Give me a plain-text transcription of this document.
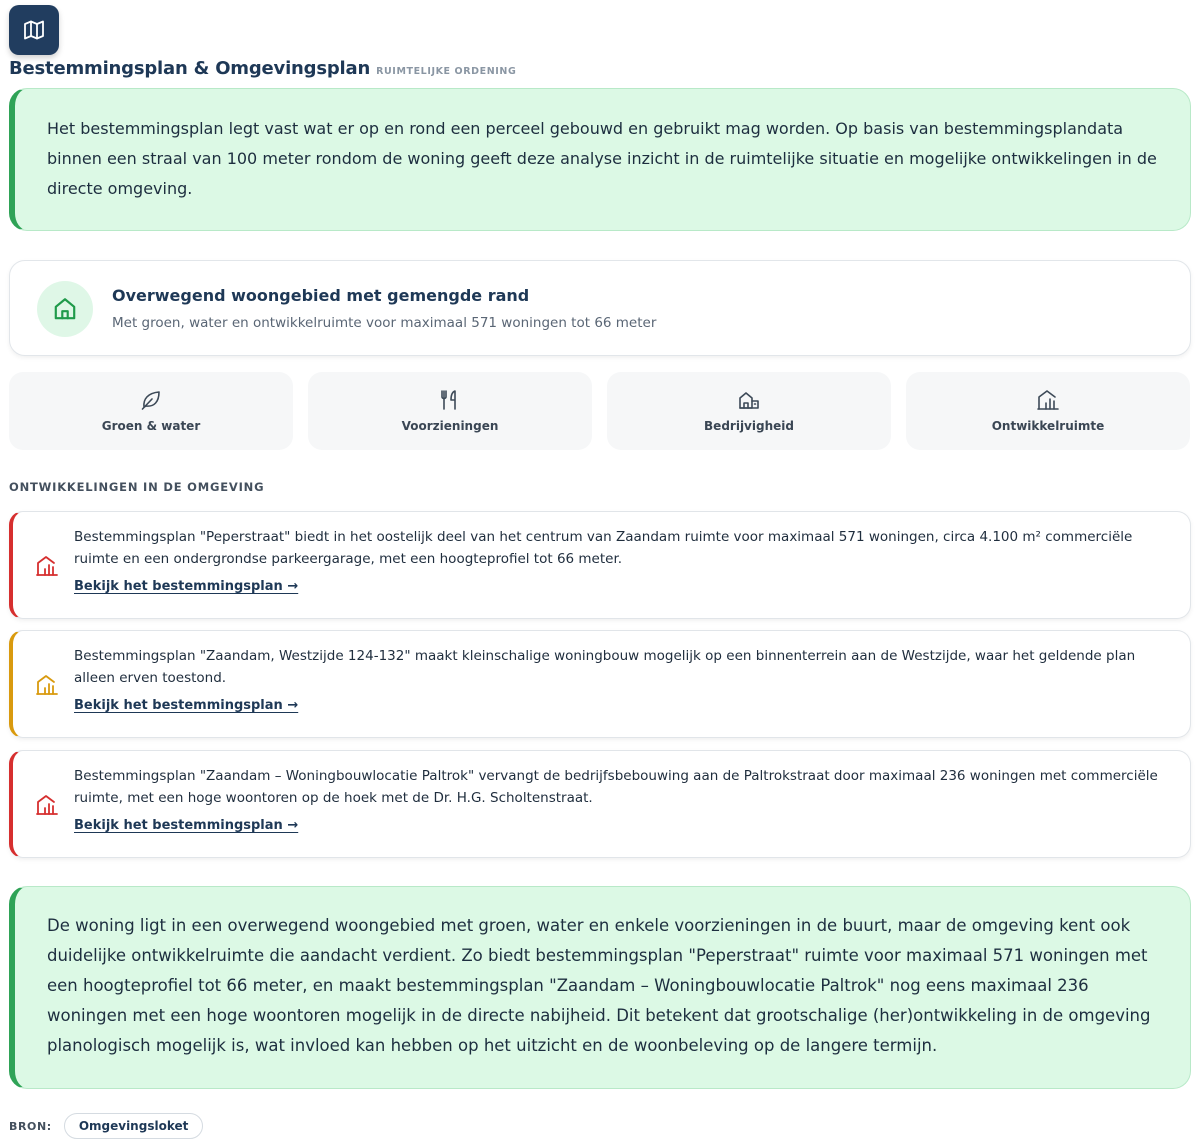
Bestemmingsplan & Omgevingsplan RUIMTELIJKE ORDENING
Het bestemmingsplan legt vast wat er op en rond een perceel gebouwd en gebruikt mag worden. Op basis van bestemmingsplandata binnen een straal van 100 meter rondom de woning geeft deze analyse inzicht in de ruimtelijke situatie en mogelijke ontwikkelingen in de directe omgeving.
Overwegend woongebied met gemengde rand
Met groen, water en ontwikkelruimte voor maximaal 571 woningen tot 66 meter
Groen & water	Voorzieningen	Bedrijvigheid	Ontwikkelruimte
ONTWIKKELINGEN IN DE OMGEVING
Bestemmingsplan "Peperstraat" biedt in het oostelijk deel van het centrum van Zaandam ruimte voor maximaal 571 woningen, circa 4.100 m² commerciële ruimte en een ondergrondse parkeergarage, met een hoogteprofiel tot 66 meter.
Bekijk het bestemmingsplan →
Bestemmingsplan "Zaandam, Westzijde 124-132" maakt kleinschalige woningbouw mogelijk op een binnenterrein aan de Westzijde, waar het geldende plan alleen erven toestond.
Bekijk het bestemmingsplan →
Bestemmingsplan "Zaandam – Woningbouwlocatie Paltrok" vervangt de bedrijfsbebouwing aan de Paltrokstraat door maximaal 236 woningen met commerciële ruimte, met een hoge woontoren op de hoek met de Dr. H.G. Scholtenstraat.
Bekijk het bestemmingsplan →
De woning ligt in een overwegend woongebied met groen, water en enkele voorzieningen in de buurt, maar de omgeving kent ook duidelijke ontwikkelruimte die aandacht verdient. Zo biedt bestemmingsplan "Peperstraat" ruimte voor maximaal 571 woningen met een hoogteprofiel tot 66 meter, en maakt bestemmingsplan "Zaandam – Woningbouwlocatie Paltrok" nog eens maximaal 236 woningen met een hoge woontoren mogelijk in de directe nabijheid. Dit betekent dat grootschalige (her)ontwikkeling in de omgeving planologisch mogelijk is, wat invloed kan hebben op het uitzicht en de woonbeleving op de langere termijn.
BRON:	Omgevingsloket
